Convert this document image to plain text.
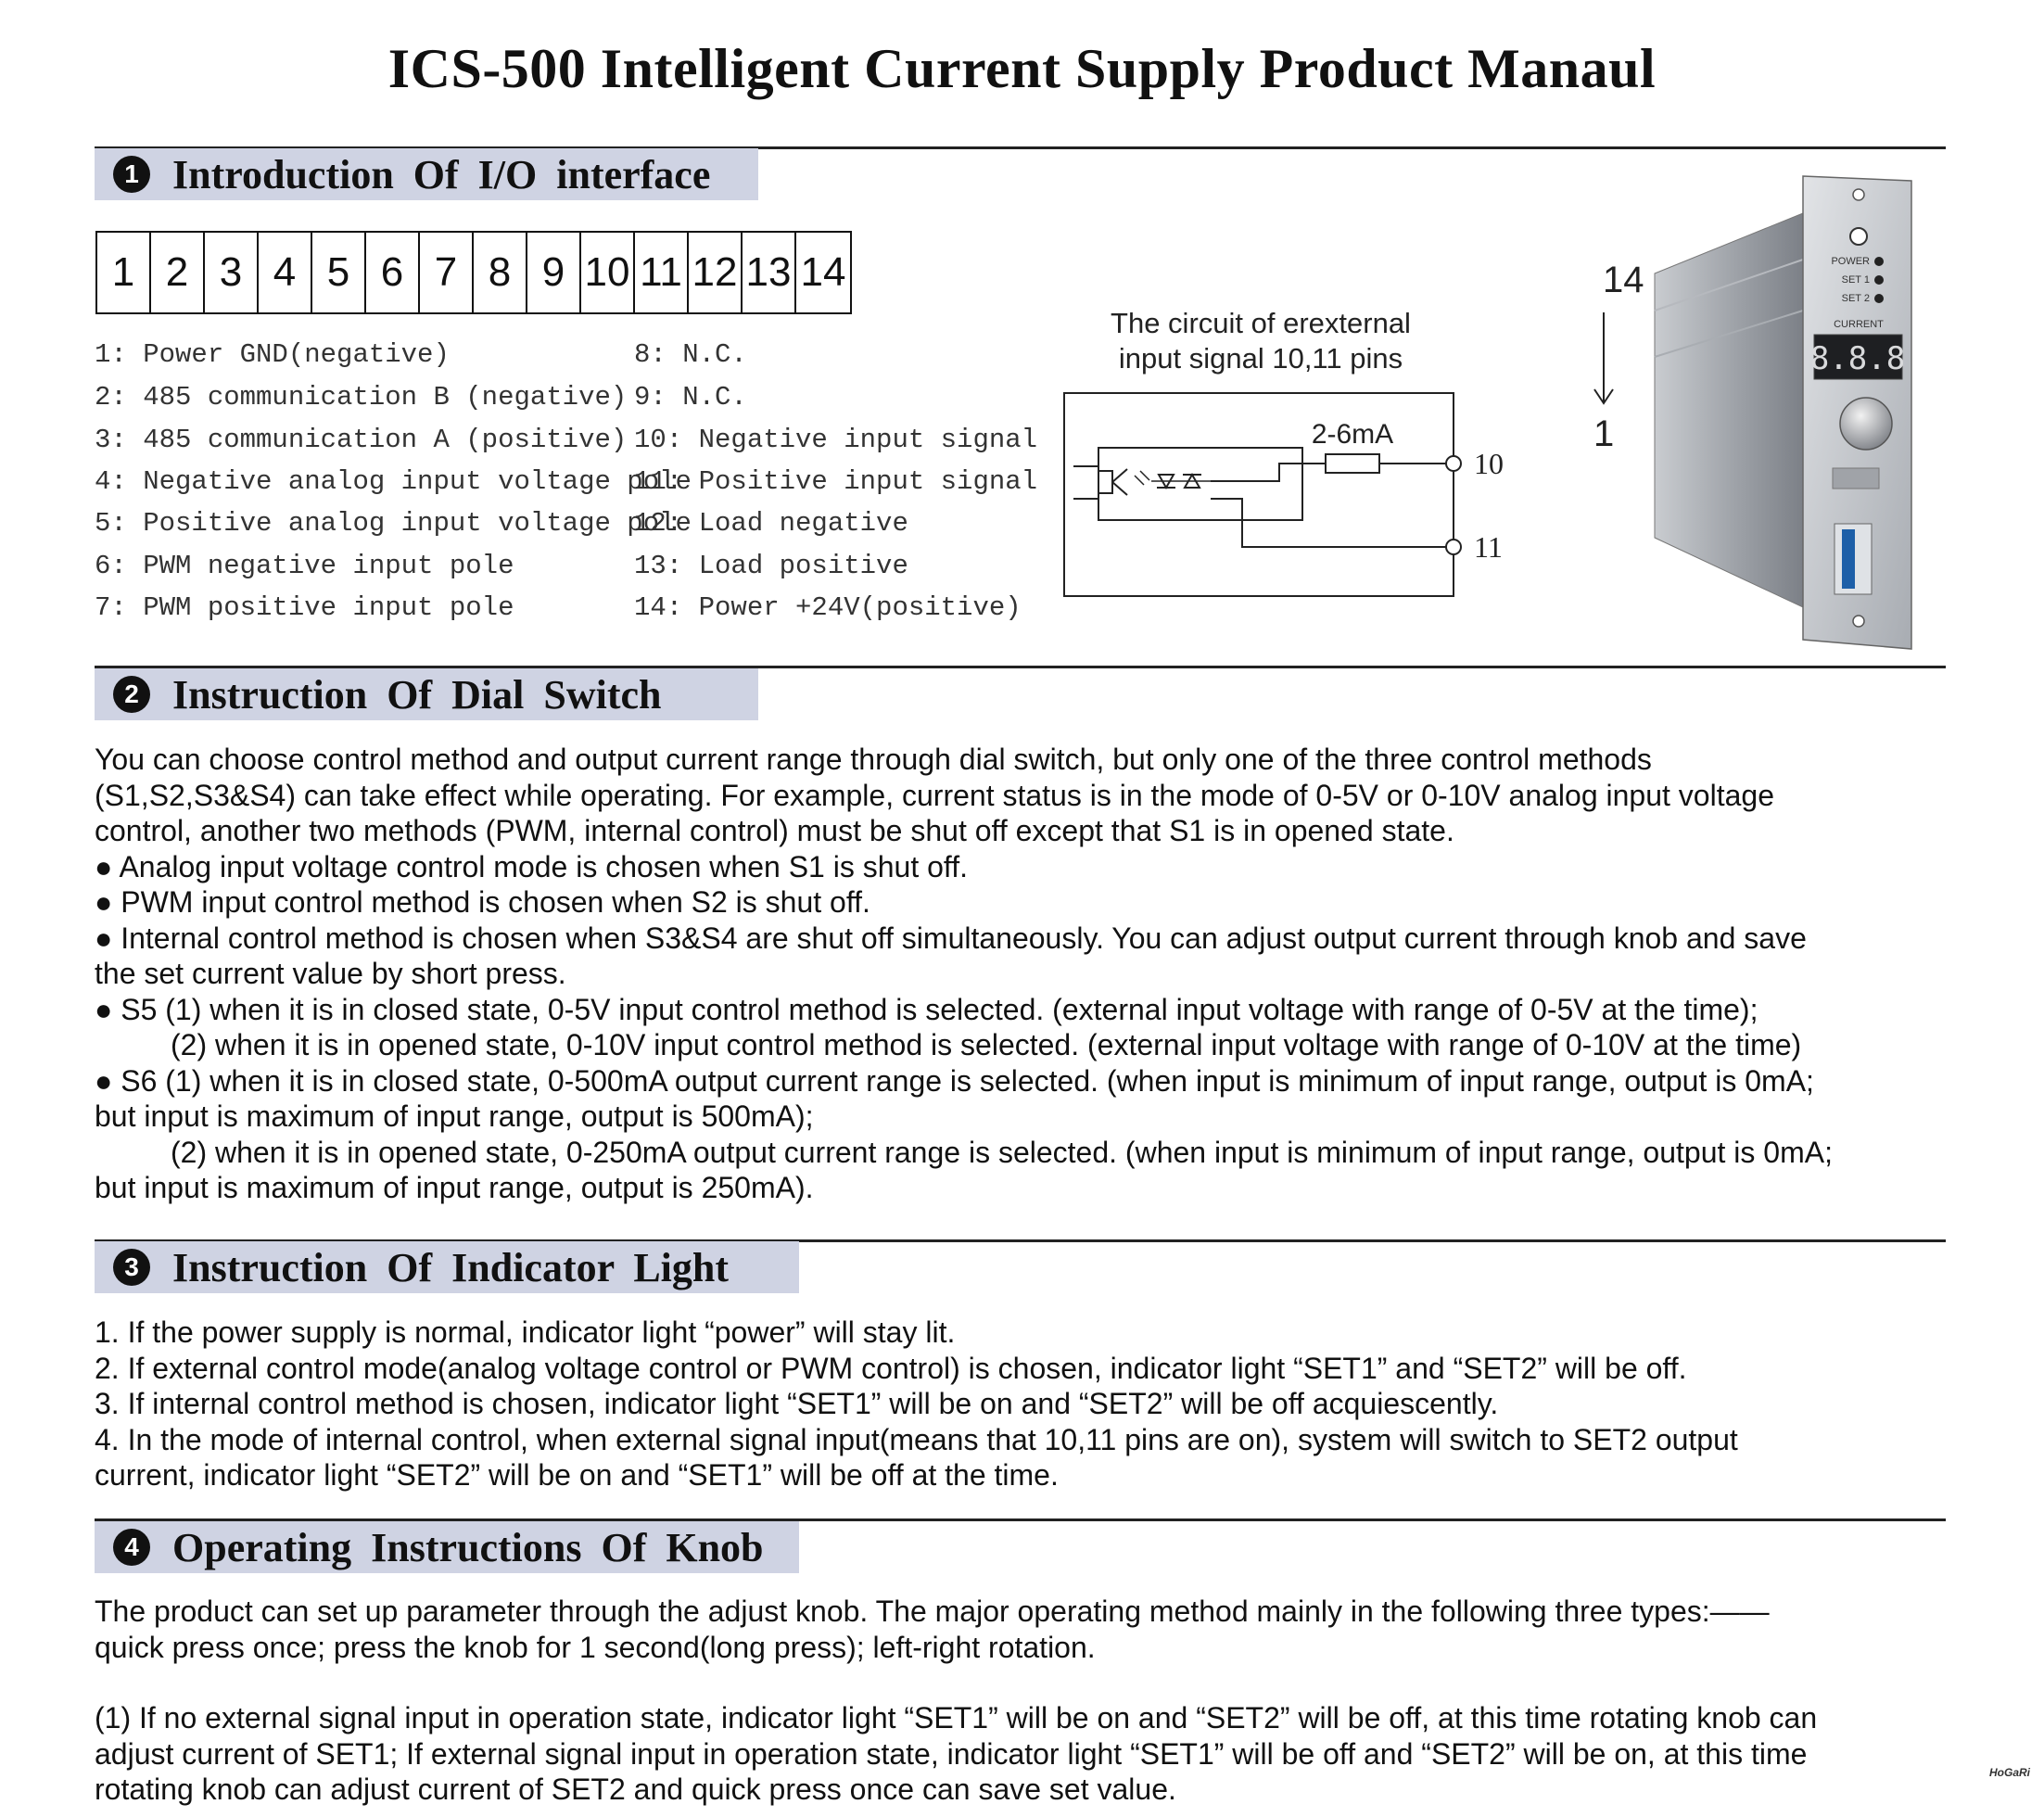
ICS-500 Intelligent Current Supply Product Manaul
1 Introduction Of I/O interface
1 2 3 4 5 6 7 8 9 10 11 12 13 14
1: Power GND(negative)
2: 485 communication B (negative)
3: 485 communication A (positive)
4: Negative analog input voltage pole
5: Positive analog input voltage pole
6: PWM negative input pole
7: PWM positive input pole
8: N.C.
9: N.C.
10: Negative input signal
11: Positive input signal
12: Load negative
13: Load positive
14: Power +24V(positive)
The circuit of erexternal
input signal 10,11 pins
2-6mA
10
11
14
1
POWER
SET 1
SET 2
CURRENT
8.8.8
2 Instruction Of Dial Switch

You can choose control method and output current range through dial switch, but only one of the three control methods

(S1,S2,S3&S4) can take effect while operating. For example, current status is in the mode of 0-5V or 0-10V analog input voltage

control, another two methods (PWM, internal control) must be shut off except that S1 is in opened state.

● Analog input voltage control mode is chosen when S1 is shut off.

● PWM input control method is chosen when S2 is shut off.

● Internal control method is chosen when S3&S4 are shut off simultaneously. You can adjust output current through knob and save

the set current value by short press.

● S5 (1) when it is in closed state, 0-5V input control method is selected. (external input voltage with range of 0-5V at the time);

(2) when it is in opened state, 0-10V input control method is selected. (external input voltage with range of 0-10V at the time)

● S6 (1) when it is in closed state, 0-500mA output current range is selected. (when input is minimum of input range, output is 0mA;

but input is maximum of input range, output is 500mA);

(2) when it is in opened state, 0-250mA output current range is selected. (when input is minimum of input range, output is 0mA;

but input is maximum of input range, output is 250mA).

3 Instruction Of Indicator Light

1. If the power supply is normal, indicator light “power” will stay lit.

2. If external control mode(analog voltage control or PWM control) is chosen, indicator light “SET1” and “SET2” will be off.

3. If internal control method is chosen, indicator light “SET1” will be on and “SET2” will be off acquiescently.

4. In the mode of internal control, when external signal input(means that 10,11 pins are on), system will switch to SET2 output

current, indicator light “SET2” will be on and “SET1” will be off at the time.

4 Operating Instructions Of Knob

The product can set up parameter through the adjust knob. The major operating method mainly in the following three types:——

quick press once; press the knob for 1 second(long press); left-right rotation.

(1) If no external signal input in operation state, indicator light “SET1” will be on and “SET2” will be off, at this time rotating knob can

adjust current of SET1; If external signal input in operation state, indicator light “SET1” will be off and “SET2” will be on, at this time

rotating knob can adjust current of SET2 and quick press once can save set value.	HoGaRi
